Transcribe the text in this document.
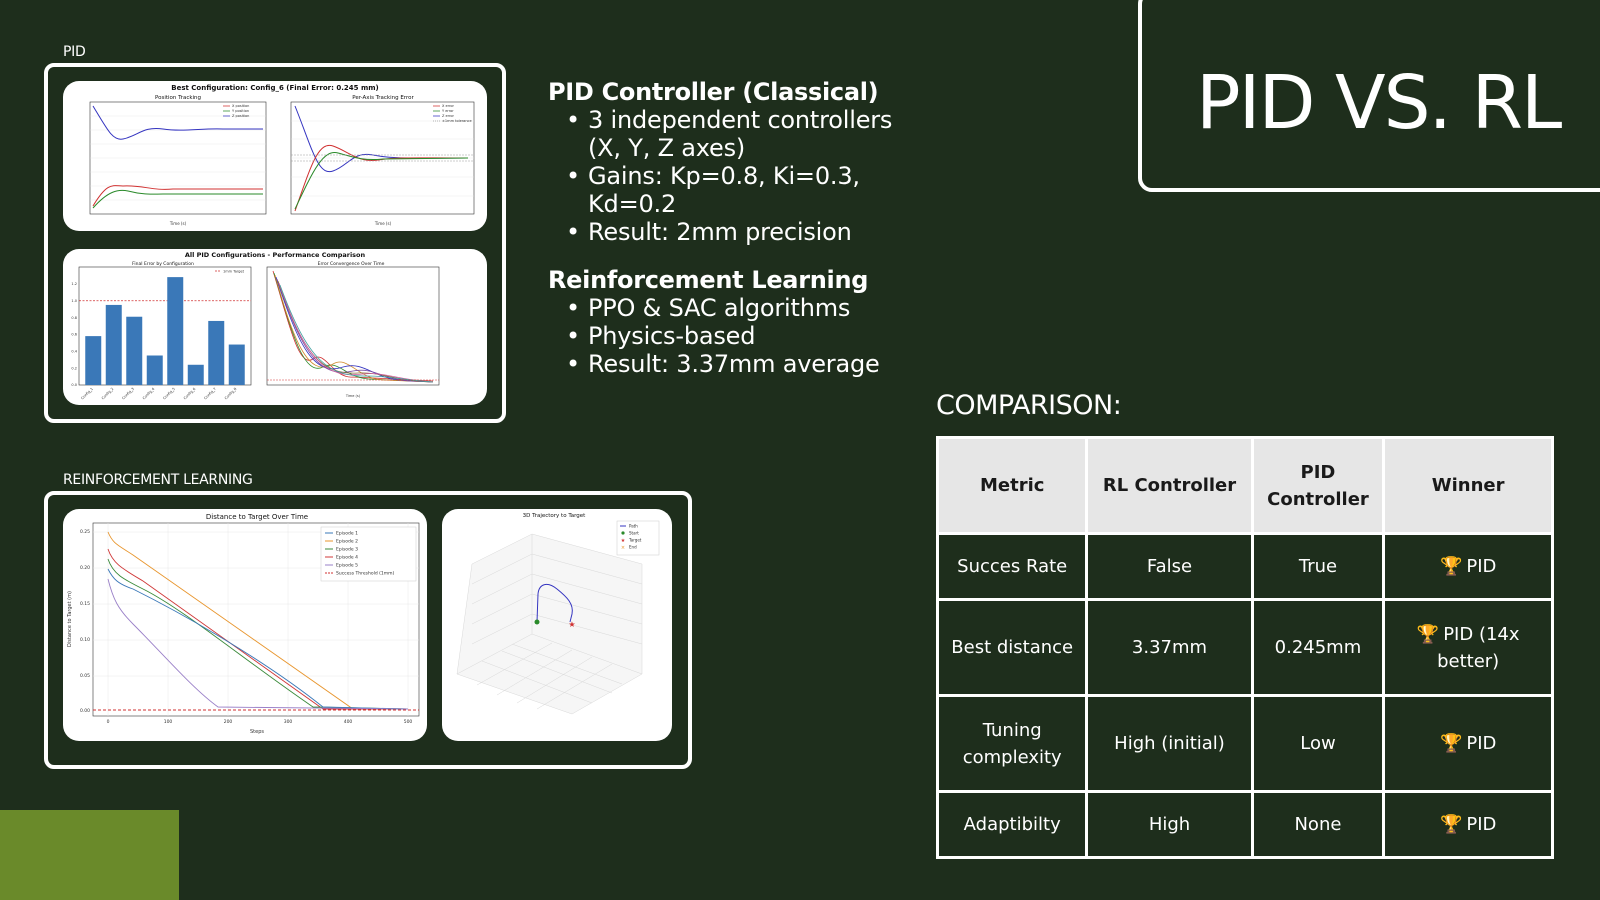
PID
REINFORCEMENT LEARNING
Best Configuration: Config_6 (Final Error: 0.245 mm)
Position Tracking	Per-Axis Tracking Error
X position
Y position
Z position
Time (s)
X error
Y error
Z error
±1mm tolerance
Time (s)
All PID Configurations - Performance Comparison
Final Error by Configuration	Error Convergence Over Time
0.0
0.2
0.4
0.6
0.8
1.0
1.2
Config_1 Config_2 Config_3 Config_4 Config_5 Config_6 Config_7 Config_8
1mm Target
Time (s)
Distance to Target Over Time
0.00
0.05
0.10
0.15
0.20
0.25
0	100	200	300	400	500
Steps
Distance to Target (m)
Episode 1
Episode 2
Episode 3
Episode 4
Episode 5
Success Threshold (1mm)
3D Trajectory to Target
★
Path
Start
★ Target
× End
PID VS. RL
PID Controller (Classical)
• 3 independent controllers (X, Y, Z axes)
• Gains: Kp=0.8, Ki=0.3, Kd=0.2
• Result: 2mm precision
Reinforcement Learning
• PPO & SAC algorithms
• Physics-based
• Result: 3.37mm average
COMPARISON:
Metric	RL Controller	PID Controller	Winner
Succes Rate	False	True	🏆 PID
Best distance	3.37mm	0.245mm	🏆 PID (14x better)
Tuning complexity	High (initial)	Low	🏆 PID
Adaptibilty	High	None	🏆 PID
